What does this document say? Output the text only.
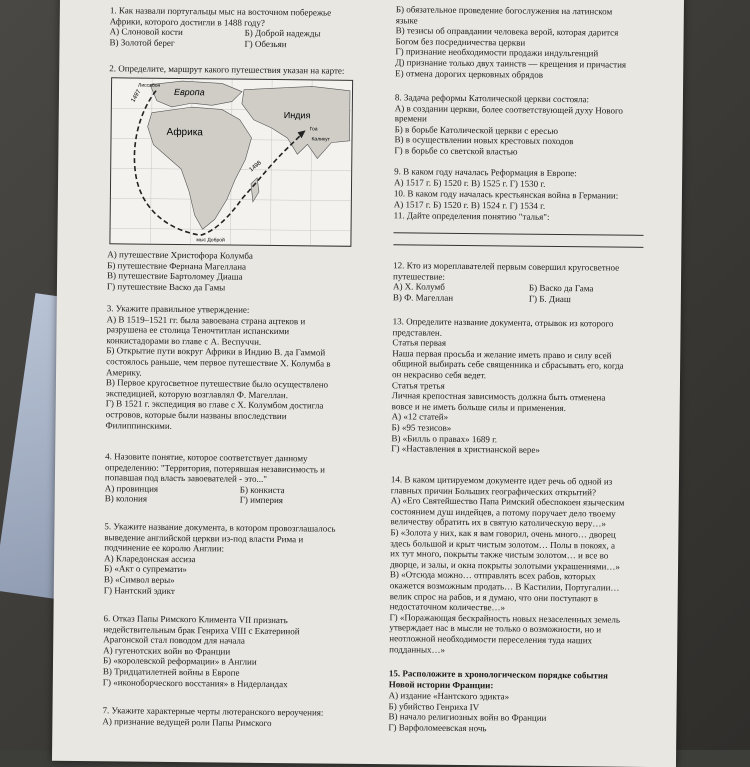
1. Как назвали португальцы мыс на восточном побережье

Африки, которого достигли в 1488 году?

А) Слоновой кости	Б) Доброй надежды
В) Золотой берег	Г) Обезьян

2. Определите, маршрут какого путешествия указан на карте:

Европа
Африка
Индия
Лиссабон
1497
1498
Гоа
Каликут
мыс Доброй

А) путешествие Христофора Колумба

Б) путешествие Фернана Магеллана

В) путешествие Бартоломеу Диаша

Г) путешествие Васко да Гамы

3. Укажите правильное утверждение:

А) В 1519–1521 гг. была завоевана страна ацтеков и

разрушена ее столица Теночтитлан испанскими

конкистадорами во главе с А. Веспуччи.

Б) Открытие пути вокруг Африки в Индию В. да Гаммой

состоялось раньше, чем первое путешествие Х. Колумба в

Америку.

В) Первое кругосветное путешествие было осуществлено

экспедицией, которую возглавлял Ф. Магеллан.

Г) В 1521 г. экспедиция во главе с Х. Колумбом достигла

островов, которые были названы впоследствии

Филиппинскими.

4. Назовите понятие, которое соответствует данному

определению: "Территория, потерявшая независимость и

попавшая под власть завоевателей - это..."

А) провинция	Б) конкиста
В) колония	Г) империя

5. Укажите название документа, в котором провозглашалось

выведение английской церкви из-под власти Рима и

подчинение ее королю Англии:

А) Кларедонская ассиза

Б) «Акт о супремати»

В) «Символ веры»

Г) Нантский эдикт

6. Отказ Папы Римского Климента VII признать

недействительным брак Генриха VIII с Екатериной

Арагонской стал поводом для начала

А) гугенотских войн во Франции

Б) «королевской реформации» в Англии

В) Тридцатилетней войны в Европе

Г) «иконоборческого восстания» в Нидерландах

7. Укажите характерные черты лютеранского вероучения:

А) признание ведущей роли Папы Римского

Б) обязательное проведение богослужения на латинском

языке

В) тезисы об оправдании человека верой, которая дарится

Богом без посредничества церкви

Г) признание необходимости продажи индульгенций

Д) признание только двух таинств — крещения и причастия

Е) отмена дорогих церковных обрядов

8. Задача реформы Католической церкви состояла:

А) в создании церкви, более соответствующей духу Нового

времени

Б) в борьбе Католической церкви с ересью

В) в осуществлении новых крестовых походов

Г) в борьбе со светской властью

9. В каком году началась Реформация в Европе:

А) 1517 г. Б) 1520 г. В) 1525 г. Г) 1530 г.

10. В каком году началась крестьянская война в Германии:

А) 1517 г. Б) 1520 г. В) 1524 г. Г) 1534 г.

11. Дайте определения понятию "талья":

12. Кто из мореплавателей первым совершил кругосветное

путешествие:

А) Х. Колумб	Б) Васко да Гама
В) Ф. Магеллан	Г) Б. Диаш

13. Определите название документа, отрывок из которого

представлен.

Статья первая

Наша первая просьба и желание иметь право и силу всей

общиной выбирать себе священника и сбрасывать его, когда

он некрасиво себя ведет.

Статья третья

Личная крепостная зависимость должна быть отменена

вовсе и не иметь больше силы и применения.

А) «12 статей»

Б) «95 тезисов»

В) «Билль о правах» 1689 г.

Г) «Наставления в христианской вере»

14. В каком цитируемом документе идет речь об одной из

главных причин Больших географических открытий?

А) «Его Святейшество Папа Римский обеспокоен языческим

состоянием душ индейцев, а потому поручает дело твоему

величеству обратить их в святую католическую веру…»

Б) «Золота у них, как я вам говорил, очень много… дворец

здесь большой и крыт чистым золотом… Полы в покоях, а

их тут много, покрыты также чистым золотом… и все во

дворце, и залы, и окна покрыты золотыми украшениями…»

В) «Отсюда можно… отправлять всех рабов, которых

окажется возможным продать… В Кастилии, Португалии…

велик спрос на рабов, и я думаю, что они поступают в

недостаточном количестве…»

Г) «Поражающая бескрайность новых незаселенных земель

утверждает нас в мысли не только о возможности, но и

неотложной необходимости переселения туда наших

подданных…»

15. Расположите в хронологическом порядке события

Новой истории Франции:

А) издание «Нантского эдикта»

Б) убийство Генриха IV

В) начало религиозных войн во Франции

Г) Варфоломеевская ночь
